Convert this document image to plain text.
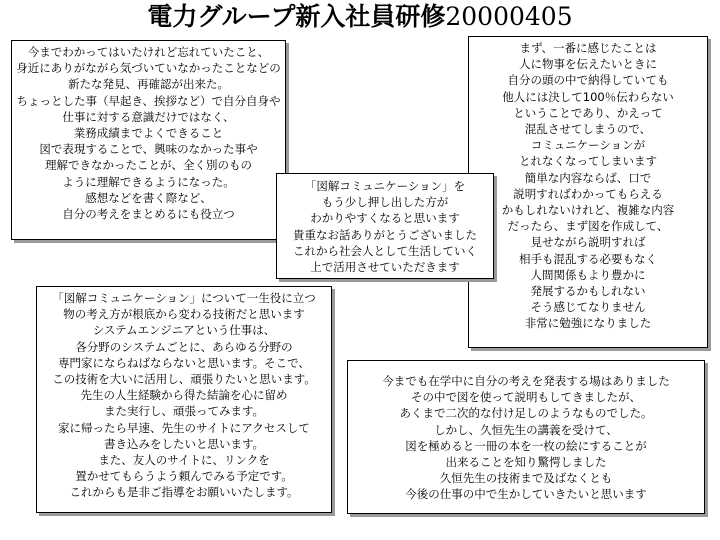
電力グループ新入社員研修20000405
今までわかってはいたけれど忘れていたこと、
身近にありがながら気づいていなかったことなどの
新たな発見、再確認が出来た。
ちょっとした事（早起き、挨拶など）で自分自身や
仕事に対する意識だけではなく、
業務成績までよくできること
図で表現することで、興味のなかった事や
理解できなかったことが、全く別のもの
ように理解できるようになった。
感想などを書く際など、
自分の考えをまとめるにも役立つ
まず、一番に感じたことは
人に物事を伝えたいときに
自分の頭の中で納得していても
他人には決して100％伝わらない
ということであり、かえって
混乱させてしまうので、
コミュニケーションが
とれなくなってしまいます
簡単な内容ならば、口で
説明すればわかってもらえる
かもしれないけれど、複雑な内容
だったら、まず図を作成して、
見せながら説明すれば
相手も混乱する必要もなく
人間関係もより豊かに
発展するかもしれない
そう感じてなりません
非常に勉強になりました
「図解コミュニケーション」について一生役に立つ
物の考え方が根底から変わる技術だと思います
システムエンジニアという仕事は、
各分野のシステムごとに、あらゆる分野の
専門家にならねばならないと思います。そこで、
この技術を大いに活用し、頑張りたいと思います。
先生の人生経験から得た結論を心に留め
また実行し、頑張ってみます。
家に帰ったら早速、先生のサイトにアクセスして
書き込みをしたいと思います。
また、友人のサイトに、リンクを
置かせてもらうよう頼んでみる予定です。
これからも是非ご指導をお願いいたします。
今までも在学中に自分の考えを発表する場はありました
その中で図を使って説明もしてきましたが、
あくまで二次的な付け足しのようなものでした。
しかし、久恒先生の講義を受けて、
図を極めると一冊の本を一枚の絵にすることが
出来ることを知り驚愕しました
久恒先生の技術まで及ばなくとも
今後の仕事の中で生かしていきたいと思います
「図解コミュニケーション」を
もう少し押し出した方が
わかりやすくなると思います
貴重なお話ありがとうございました
これから社会人として生活していく
上で活用させていただきます
